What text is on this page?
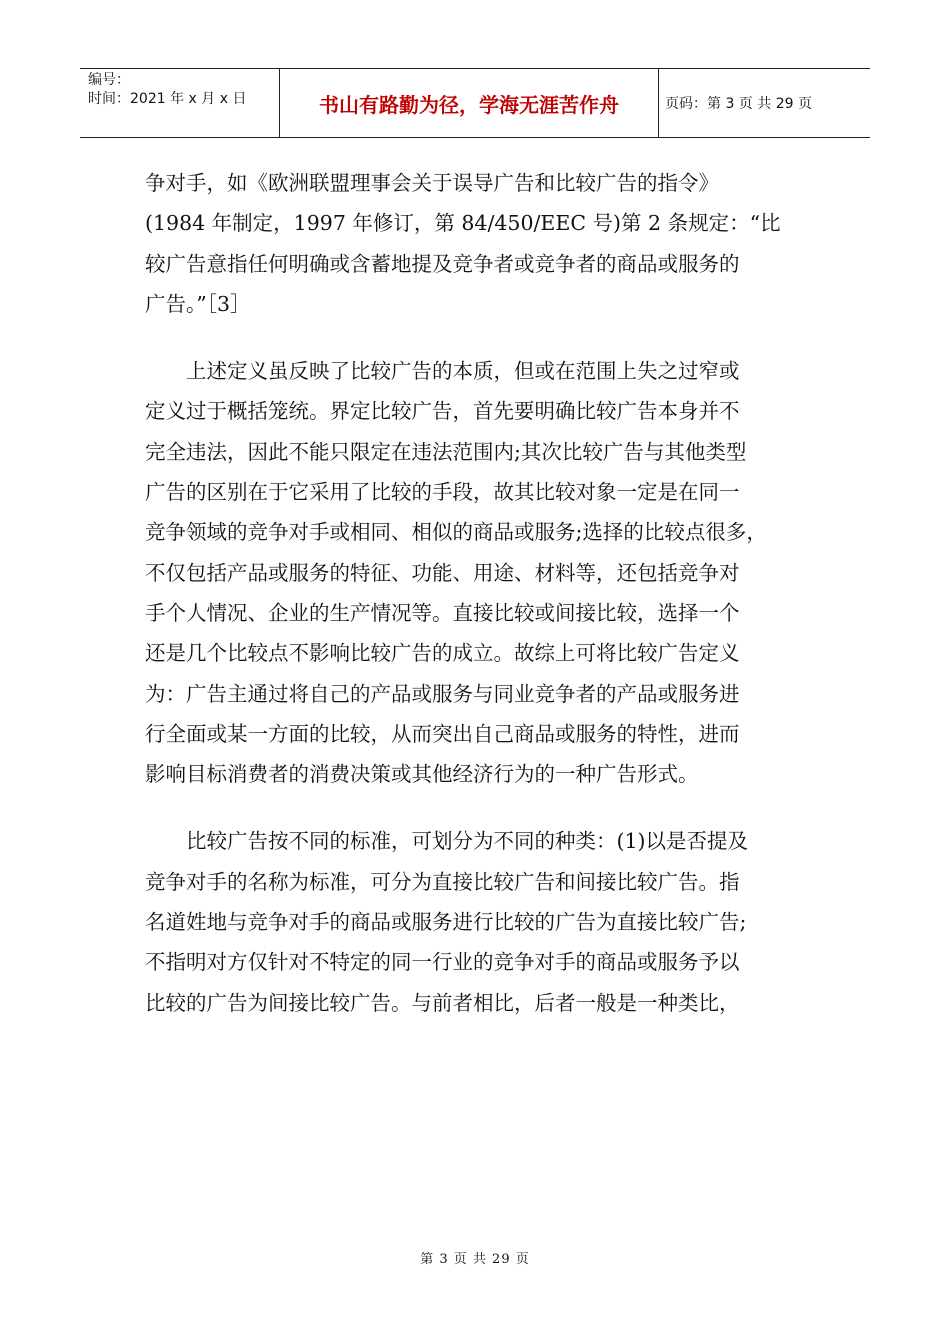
编号：
时间：2021 年 x 月 x 日	书山有路勤为径，学海无涯苦作舟	页码：第 3 页 共 29 页
争对手，如《欧洲联盟理事会关于误导广告和比较广告的指令》
(1984 年制定，1997 年修订，第 84/450/EEC 号)第 2 条规定：“比
较广告意指任何明确或含蓄地提及竞争者或竞争者的商品或服务的
广告。”［3］
上述定义虽反映了比较广告的本质，但或在范围上失之过窄或
定义过于概括笼统。界定比较广告，首先要明确比较广告本身并不
完全违法，因此不能只限定在违法范围内;其次比较广告与其他类型
广告的区别在于它采用了比较的手段，故其比较对象一定是在同一
竞争领域的竞争对手或相同、相似的商品或服务;选择的比较点很多，
不仅包括产品或服务的特征、功能、用途、材料等，还包括竞争对
手个人情况、企业的生产情况等。直接比较或间接比较，选择一个
还是几个比较点不影响比较广告的成立。故综上可将比较广告定义
为：广告主通过将自己的产品或服务与同业竞争者的产品或服务进
行全面或某一方面的比较，从而突出自己商品或服务的特性，进而
影响目标消费者的消费决策或其他经济行为的一种广告形式。
比较广告按不同的标准，可划分为不同的种类：(1)以是否提及
竞争对手的名称为标准，可分为直接比较广告和间接比较广告。指
名道姓地与竞争对手的商品或服务进行比较的广告为直接比较广告;
不指明对方仅针对不特定的同一行业的竞争对手的商品或服务予以
比较的广告为间接比较广告。与前者相比，后者一般是一种类比，
第 3 页 共 29 页
